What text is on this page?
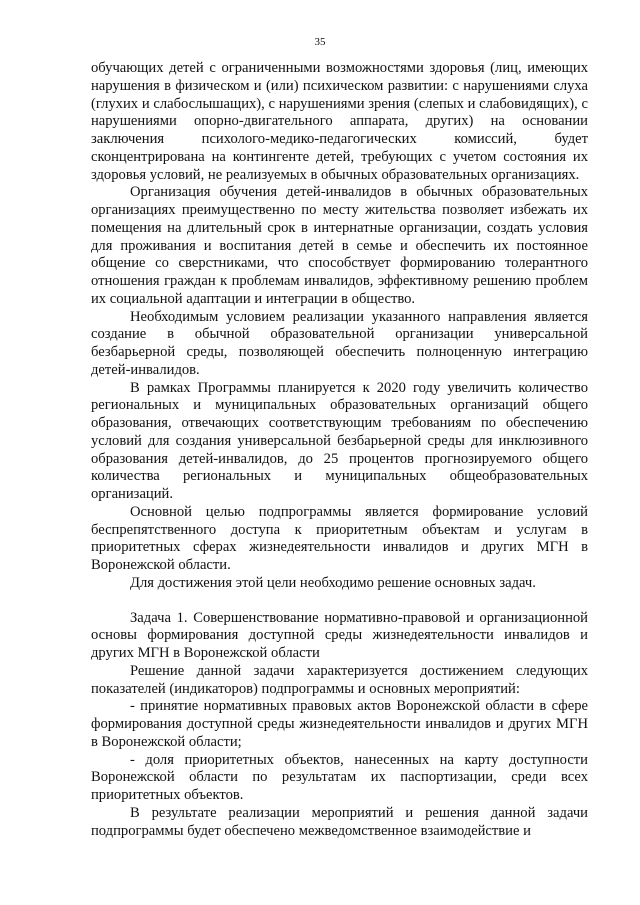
35

обучающих детей с ограниченными возможностями здоровья (лиц, имеющих нарушения в физическом и (или) психическом развитии: с нарушениями слуха (глухих и слабослышащих), с нарушениями зрения (слепых и слабовидящих), с нарушениями опорно-двигательного аппарата, других) на основании заключения психолого-медико-педагогических комиссий, будет сконцентрирована на контингенте детей, требующих с учетом состояния их здоровья условий, не реализуемых в обычных образовательных организациях.

Организация обучения детей-инвалидов в обычных образовательных организациях преимущественно по месту жительства позволяет избежать их помещения на длительный срок в интернатные организации, создать условия для проживания и воспитания детей в семье и обеспечить их постоянное общение со сверстниками, что способствует формированию толерантного отношения граждан к проблемам инвалидов, эффективному решению проблем их социальной адаптации и интеграции в общество.

Необходимым условием реализации указанного направления является создание в обычной образовательной организации универсальной безбарьерной среды, позволяющей обеспечить полноценную интеграцию детей-инвалидов.

В рамках Программы планируется к 2020 году увеличить количество региональных и муниципальных образовательных организаций общего образования, отвечающих соответствующим требованиям по обеспечению условий для создания универсальной безбарьерной среды для инклюзивного образования детей-инвалидов, до 25 процентов прогнозируемого общего количества региональных и муниципальных общеобразовательных организаций.

Основной целью подпрограммы является формирование условий беспрепятственного доступа к приоритетным объектам и услугам в приоритетных сферах жизнедеятельности инвалидов и других МГН в Воронежской области.

Для достижения этой цели необходимо решение основных задач.

Задача 1. Совершенствование нормативно-правовой и организационной основы формирования доступной среды жизнедеятельности инвалидов и других МГН в Воронежской области

Решение данной задачи характеризуется достижением следующих показателей (индикаторов) подпрограммы и основных мероприятий:

- принятие нормативных правовых актов Воронежской области в сфере формирования доступной среды жизнедеятельности инвалидов и других МГН в Воронежской области;

- доля приоритетных объектов, нанесенных на карту доступности Воронежской области по результатам их паспортизации, среди всех приоритетных объектов.

В результате реализации мероприятий и решения данной задачи подпрограммы будет обеспечено межведомственное взаимодействие и
